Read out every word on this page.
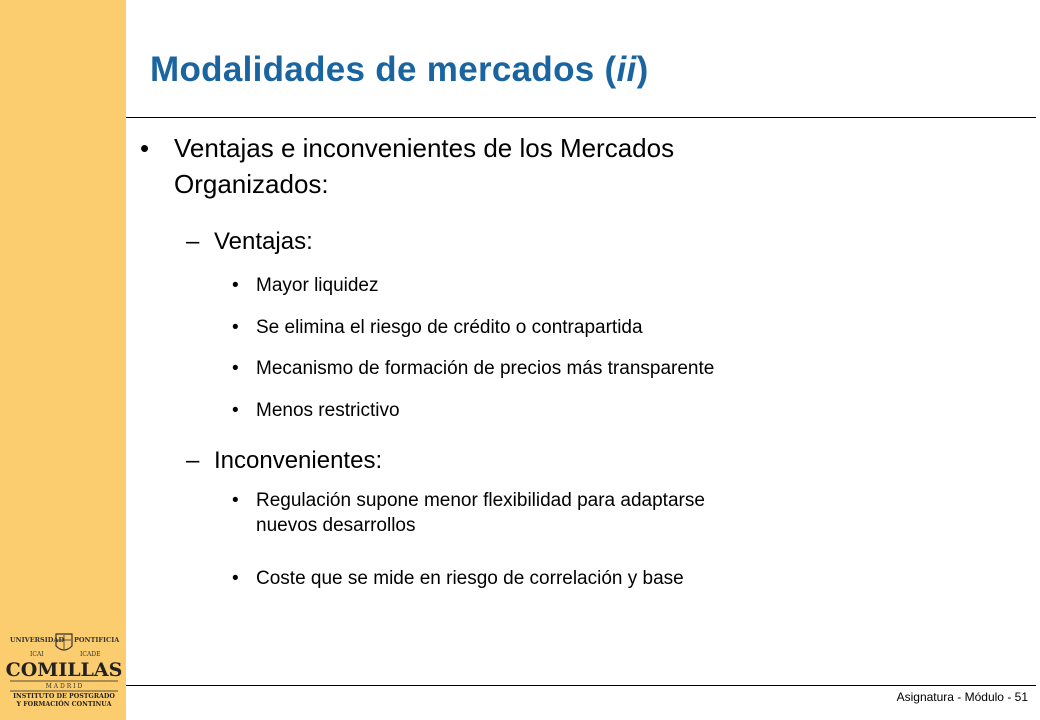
UNIVERSIDAD PONTIFICIA
ICAI	ICADE
COMILLAS
M A D R I D
INSTITUTO DE POSTGRADO
Y FORMACIÓN CONTINUA
Modalidades de mercados (ii)
• Ventajas e inconvenientes de los Mercados
Organizados:
– Ventajas:
• Mayor liquidez
• Se elimina el riesgo de crédito o contrapartida
• Mecanismo de formación de precios más transparente
• Menos restrictivo
– Inconvenientes:
• Regulación supone menor flexibilidad para adaptarse
nuevos desarrollos
• Coste que se mide en riesgo de correlación y base
Asignatura - Módulo - 51
